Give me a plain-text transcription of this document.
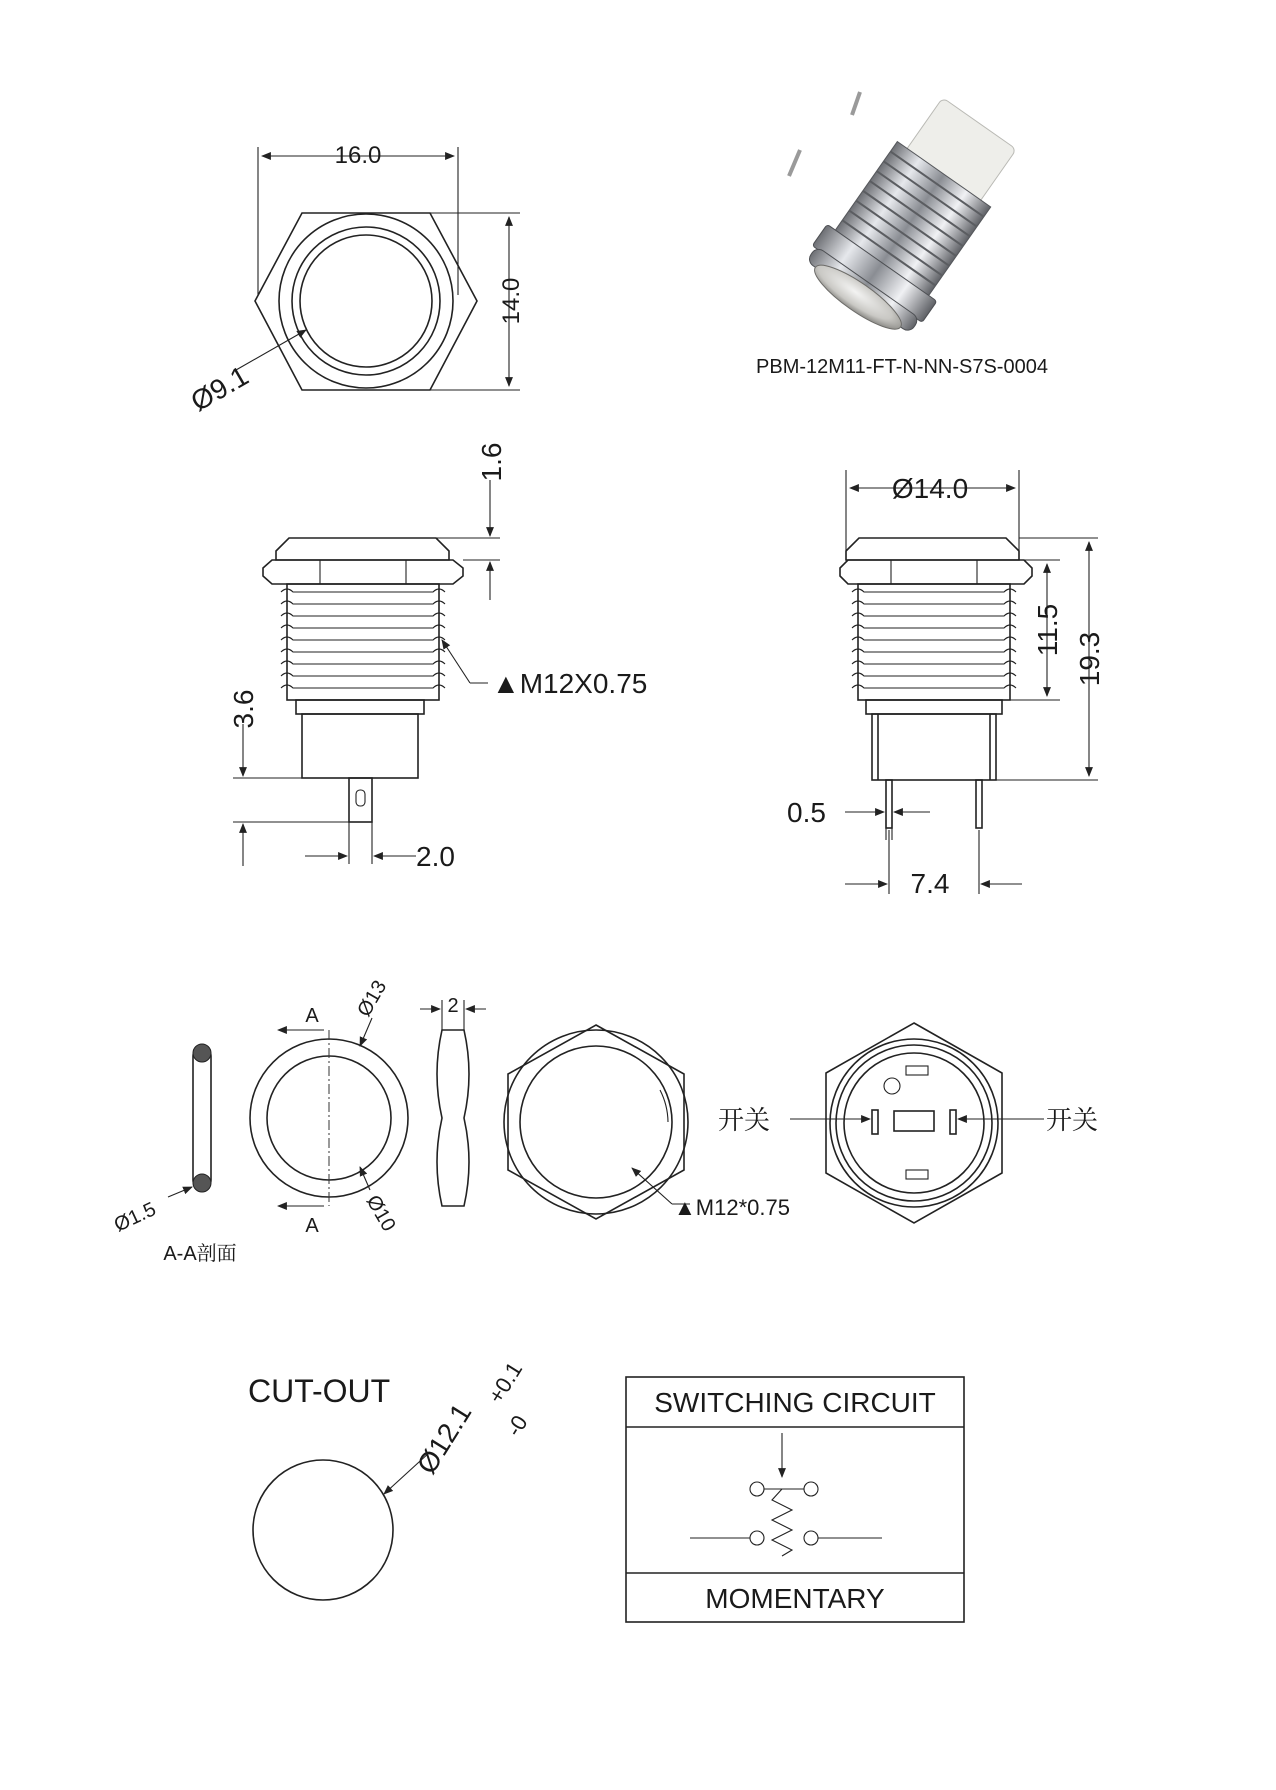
16.0
14.0
Ø9.1	PBM-12M11-FT-N-NN-S7S-0004
1.6
▲M12X0.75
3.6
2.0
Ø14.0
11.5
19.3
0.5
7.4
Ø1.5
A-A剖面
A
A
Ø13
Ø10
2
▲M12*0.75
开关	开关
CUT-OUT
Ø12.1
+0.1
-0
SWITCHING CIRCUIT
MOMENTARY
